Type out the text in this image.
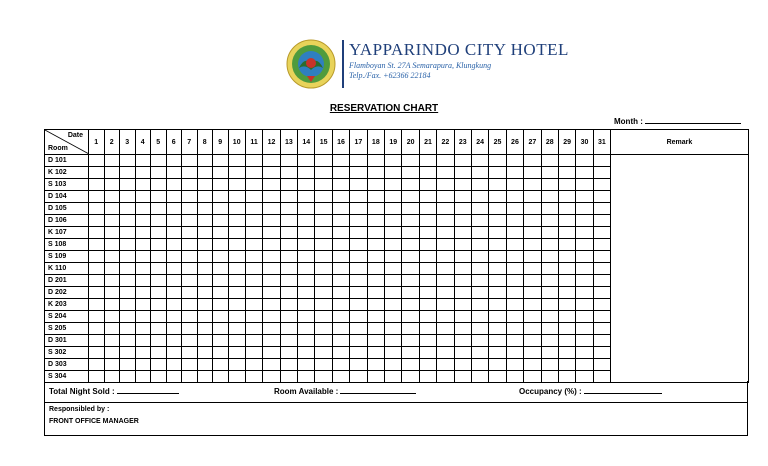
YAPPARINDO CITY HOTEL
Flamboyan St. 27A Semarapura, Klungkung
Telp./Fax. +62366 22184
RESERVATION CHART
Month :
Date
Room	1	2	3	4	5	6	7	8	9	10	11	12	13	14	15	16	17	18	19	20	21	22	23	24	25	26	27	28	29	30	31	Remark
D 101																																
K 102																																
S 103																																
D 104																																
D 105																																
D 106																																
K 107																																
S 108																																
S 109																																
K 110																																
D 201																																
D 202																																
K 203																																
S 204																																
S 205																																
D 301																																
S 302																																
D 303																																
S 304																																
Total Night Sold :	Room Available :	Occupancy (%) :
Responsibled by :
FRONT OFFICE MANAGER
